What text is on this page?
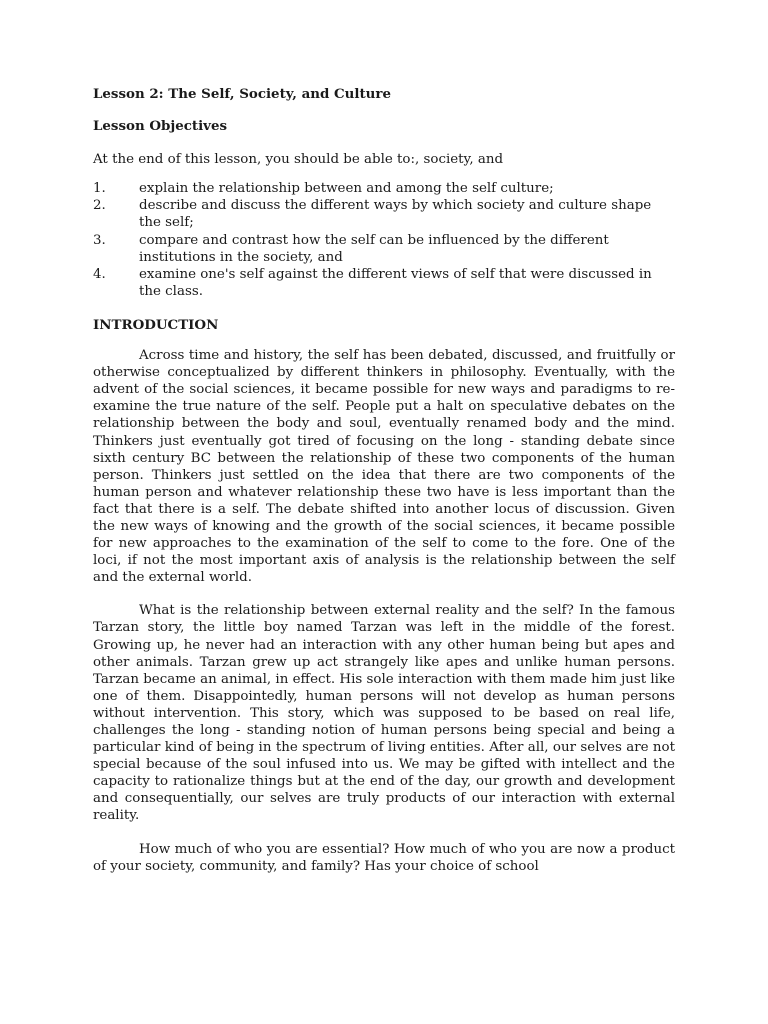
Lesson 2: The Self, Society, and Culture
Lesson Objectives

At the end of this lesson, you should be able to:, society, and

1.	explain the relationship between and among the self culture;
2.	describe and discuss the different ways by which society and culture shape the self;
3.	compare and contrast how the self can be influenced by the different institutions in the society, and
4.	examine one's self against the different views of self that were discussed in the class.
INTRODUCTION

Across time and history, the self has been debated, discussed, and fruitfully or otherwise conceptualized by different thinkers in philosophy. Eventually, with the advent of the social sciences, it became possible for new ways and paradigms to re-examine the true nature of the self. People put a halt on speculative debates on the relationship between the body and soul, eventually renamed body and the mind. Thinkers just eventually got tired of focusing on the long - standing debate since sixth century BC between the relationship of these two components of the human person. Thinkers just settled on the idea that there are two components of the human person and whatever relationship these two have is less important than the fact that there is a self. The debate shifted into another locus of discussion. Given the new ways of knowing and the growth of the social sciences, it became possible for new approaches to the examination of the self to come to the fore. One of the loci, if not the most important axis of analysis is the relationship between the self and the external world.

What is the relationship between external reality and the self? In the famous Tarzan story, the little boy named Tarzan was left in the middle of the forest. Growing up, he never had an interaction with any other human being but apes and other animals. Tarzan grew up act strangely like apes and unlike human persons. Tarzan became an animal, in effect. His sole interaction with them made him just like one of them. Disappointedly, human persons will not develop as human persons without intervention. This story, which was supposed to be based on real life, challenges the long - standing notion of human persons being special and being a particular kind of being in the spectrum of living entities. After all, our selves are not special because of the soul infused into us. We may be gifted with intellect and the capacity to rationalize things but at the end of the day, our growth and development and consequentially, our selves are truly products of our interaction with external reality.

How much of who you are essential? How much of who you are now a product of your society, community, and family? Has your choice of school
